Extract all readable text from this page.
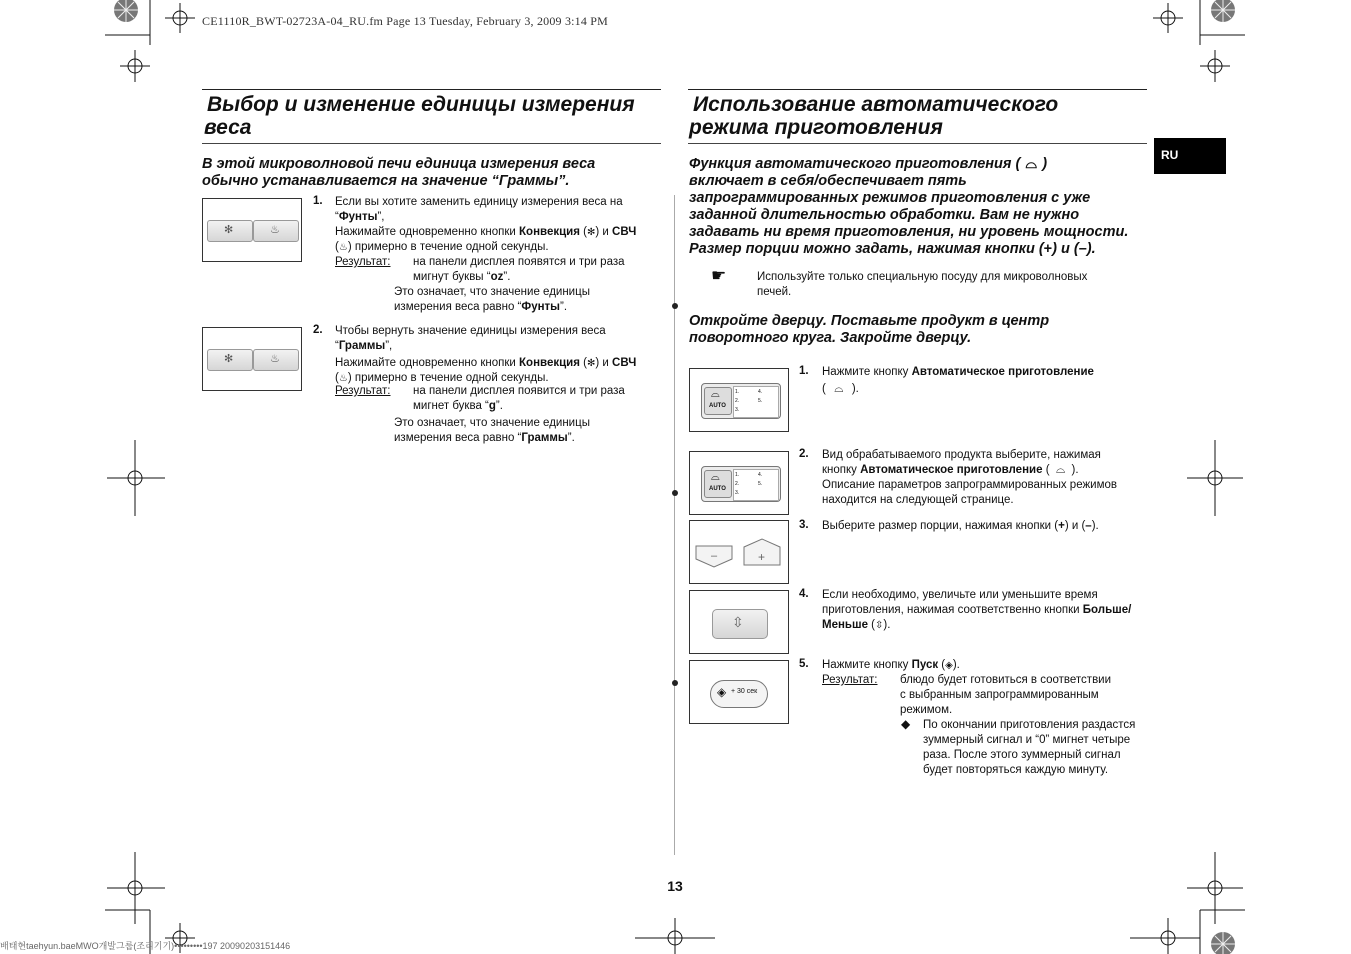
CE1110R_BWT-02723A-04_RU.fm Page 13 Tuesday, February 3, 2009 3:14 PM
RU

Выбор и изменение единицы измерения

веса

В этой микроволновой печи единица измерения веса

обычно устанавливается на значение “Граммы”.

✻	♨
1. Если вы хотите заменить единицу измерения веса на
“Фунты”,
Нажимайте одновременно кнопки Конвекция (✻) и СВЧ
(♨) примерно в течение одной секунды.
Результат: на панели дисплея появятся и три раза
мигнут буквы “oz”.
Это означает, что значение единицы
измерения веса равно “Фунты”.
✻	♨
2. Чтобы вернуть значение единицы измерения веса
“Граммы”,
Нажимайте одновременно кнопки Конвекция (✻) и СВЧ
(♨) примерно в течение одной секунды.
Результат: на панели дисплея появится и три раза
мигнет буква “g”.
Это означает, что значение единицы
измерения веса равно “Граммы”.

Использование автоматического

режима приготовления

Функция автоматического приготовления ( ⌓ )

включает в себя/обеспечивает пять

запрограммированных режимов приготовления с уже

заданной длительностью обработки. Вам не нужно

задавать ни время приготовления, ни уровень мощности.

Размер порции можно задать, нажимая кнопки (+) и (–).

☛	Используйте только специальную посуду для микроволновых
печей.

Откройте дверцу. Поставьте продукт в центр

поворотного круга. Закройте дверцу.

⌓
AUTO
1.
2.
3.
4.
5.
1. Нажмите кнопку Автоматическое приготовление
( ⌓ ).
⌓
AUTO
1.
2.
3.
4.
5.
2. Вид обрабатываемого продукта выберите, нажимая
кнопку Автоматическое приготовление ( ⌓ ).
Описание параметров запрограммированных режимов
находится на следующей странице.
–	+
3. Выберите размер порции, нажимая кнопки (+) и (–).
⇳
4. Если необходимо, увеличьте или уменьшите время
приготовления, нажимая соответственно кнопки Больше/
Меньше (⇳).
◈ + 30 сек
5. Нажмите кнопку Пуск (◈).
Результат: блюдо будет готовиться в соответствии
с выбранным запрограммированным
режимом.
◆ По окончании приготовления раздастся
зуммерный сигнал и “0” мигнет четыре
раза. После этого зуммерный сигнал
будет повторяться каждую минуту.
13
배태현taehyun.baeMWO개발그룹(조리기기)•••••••••197 20090203151446
